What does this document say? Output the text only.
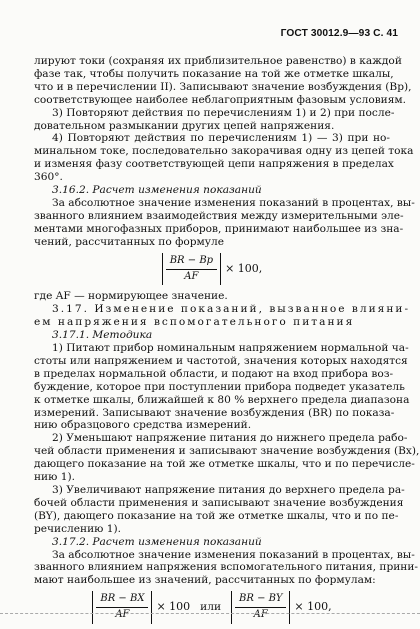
ГОСТ 30012.9—93 С. 41
лируют токи (сохраняя их приблизительное равенство) в каждой
фазе так, чтобы получить показание на той же отметке шкалы,
что и в перечислении II). Записывают значение возбуждения (Bр),
соответствующее наиболее неблагоприятным фазовым условиям.
3) Повторяют действия по перечислениям 1) и 2) при после-
довательном размыкании других цепей напряжения.
4) Повторяют действия по перечислениям 1) — 3) при но-
минальном токе, последовательно закорачивая одну из цепей тока
и изменяя фазу соответствующей цепи напряжения в пределах
360°.
3.16.2. Расчет изменения показаний
За абсолютное значение изменения показаний в процентах, вы-
званного влиянием взаимодействия между измерительными эле-
ментами многофазных приборов, принимают наибольшее из зна-
чений, рассчитанных по формуле
$\frac{BR - Bр}{AF} \times 100$,
где AF — нормирующее значение.
3.17. Изменение показаний, вызванное влияни-
ем напряжения вспомогательного питания
3.17.1. Методика
1) Питают прибор номинальным напряжением нормальной ча-
стоты или напряжением и частотой, значения которых находятся
в пределах нормальной области, и подают на вход прибора воз-
буждение, которое при поступлении прибора подведет указатель
к отметке шкалы, ближайшей к 80 % верхнего предела диапазона
измерений. Записывают значение возбуждения (BR) по показа-
нию образцового средства измерений.
2) Уменьшают напряжение питания до нижнего предела рабо-
чей области применения и записывают значение возбуждения (Bx),
дающего показание на той же отметке шкалы, что и по перечисле-
нию 1).
3) Увеличивают напряжение питания до верхнего предела ра-
бочей области применения и записывают значение возбуждения
(BY), дающего показание на той же отметке шкалы, что и по пе-
речислению 1).
3.17.2. Расчет изменения показаний
За абсолютное значение изменения показаний в процентах, вы-
званного влиянием напряжения вспомогательного питания, прини-
мают наибольшее из значений, рассчитанных по формулам:
$\frac{BR - BX}{AF} \times 100$ или $\frac{BR - BY}{AF} \times 100$,
